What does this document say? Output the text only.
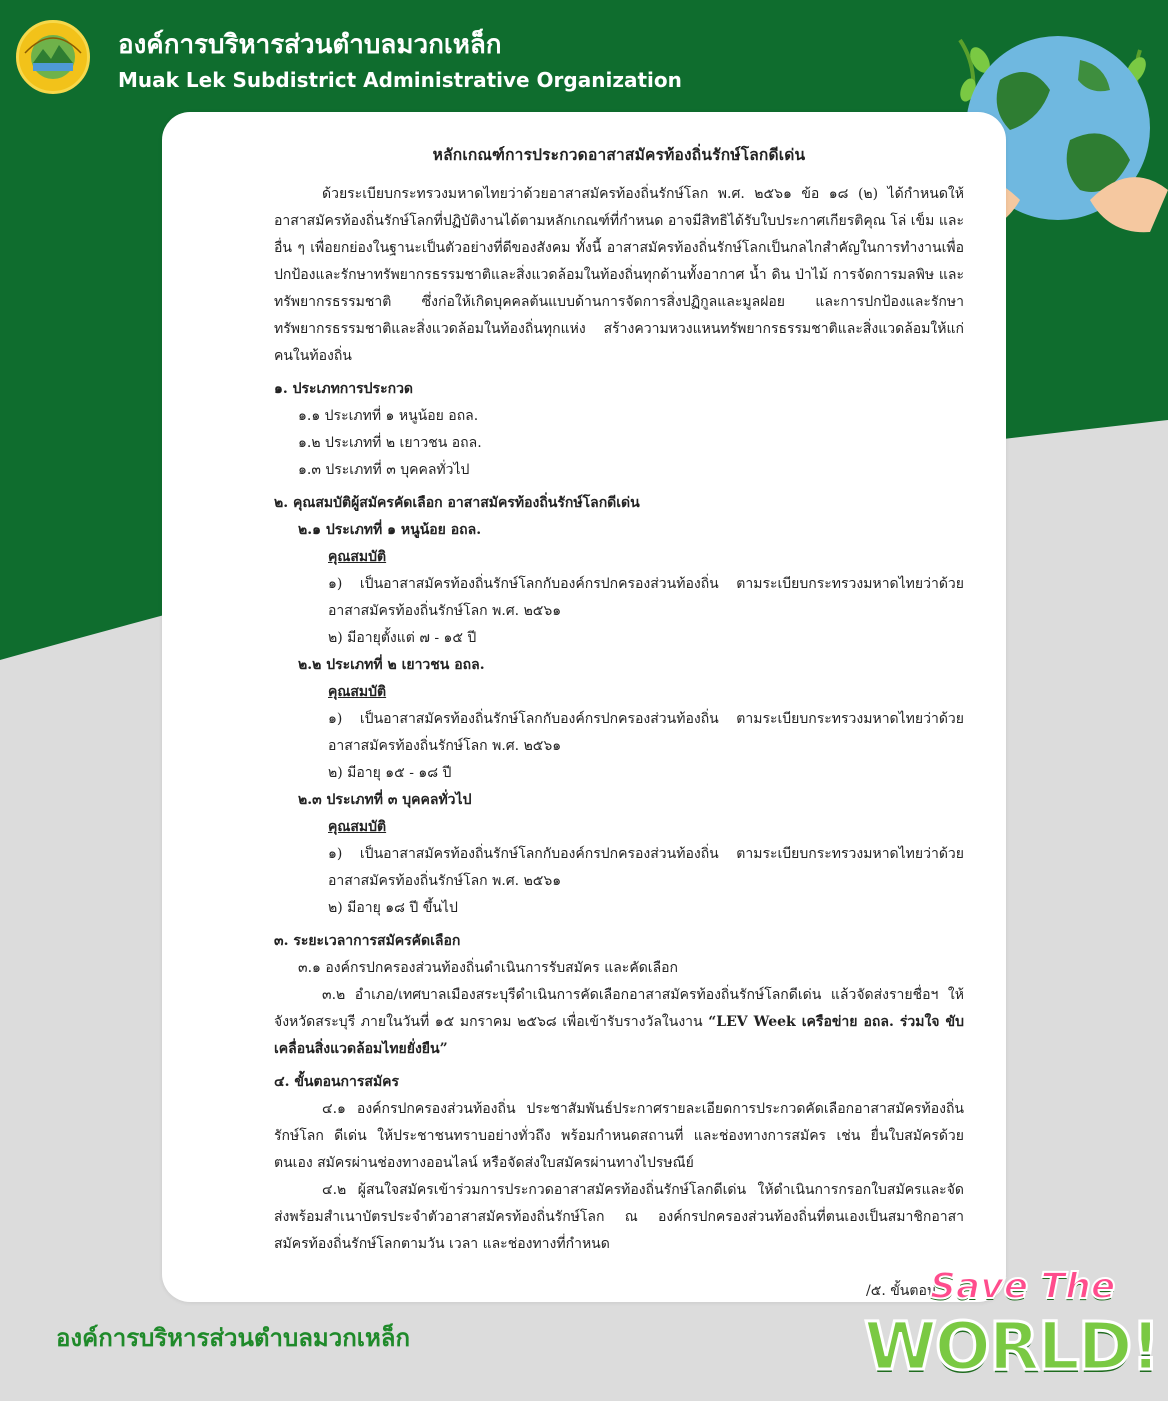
องค์การบริหารส่วนตำบลมวกเหล็ก
Muak Lek Subdistrict Administrative Organization

หลักเกณฑ์การประกวดอาสาสมัครท้องถิ่นรักษ์โลกดีเด่น

ด้วยระเบียบกระทรวงมหาดไทยว่าด้วยอาสาสมัครท้องถิ่นรักษ์โลก พ.ศ. ๒๕๖๑ ข้อ ๑๘ (๒) ได้กำหนดให้ อาสาสมัครท้องถิ่นรักษ์โลกที่ปฏิบัติงานได้ตามหลักเกณฑ์ที่กำหนด อาจมีสิทธิได้รับใบประกาศเกียรติคุณ โล่ เข็ม และอื่น ๆ เพื่อยกย่องในฐานะเป็นตัวอย่างที่ดีของสังคม ทั้งนี้ อาสาสมัครท้องถิ่นรักษ์โลกเป็นกลไกสำคัญในการทำงานเพื่อปกป้องและรักษาทรัพยากรธรรมชาติและสิ่งแวดล้อมในท้องถิ่นทุกด้านทั้งอากาศ น้ำ ดิน ป่าไม้ การจัดการมลพิษ และทรัพยากรธรรมชาติ ซึ่งก่อให้เกิดบุคคลต้นแบบด้านการจัดการสิ่งปฏิกูลและมูลฝอย และการปกป้องและรักษาทรัพยากรธรรมชาติและสิ่งแวดล้อมในท้องถิ่นทุกแห่ง สร้างความหวงแหนทรัพยากรธรรมชาติและสิ่งแวดล้อมให้แก่คนในท้องถิ่น

๑. ประเภทการประกวด

๑.๑ ประเภทที่ ๑ หนูน้อย อถล.

๑.๒ ประเภทที่ ๒ เยาวชน อถล.

๑.๓ ประเภทที่ ๓ บุคคลทั่วไป

๒. คุณสมบัติผู้สมัครคัดเลือก อาสาสมัครท้องถิ่นรักษ์โลกดีเด่น

๒.๑ ประเภทที่ ๑ หนูน้อย อถล.

คุณสมบัติ

๑) เป็นอาสาสมัครท้องถิ่นรักษ์โลกกับองค์กรปกครองส่วนท้องถิ่น ตามระเบียบกระทรวงมหาดไทยว่าด้วยอาสาสมัครท้องถิ่นรักษ์โลก พ.ศ. ๒๕๖๑

๒) มีอายุตั้งแต่ ๗ - ๑๕ ปี

๒.๒ ประเภทที่ ๒ เยาวชน อถล.

คุณสมบัติ

๑) เป็นอาสาสมัครท้องถิ่นรักษ์โลกกับองค์กรปกครองส่วนท้องถิ่น ตามระเบียบกระทรวงมหาดไทยว่าด้วยอาสาสมัครท้องถิ่นรักษ์โลก พ.ศ. ๒๕๖๑

๒) มีอายุ ๑๕ - ๑๘ ปี

๒.๓ ประเภทที่ ๓ บุคคลทั่วไป

คุณสมบัติ

๑) เป็นอาสาสมัครท้องถิ่นรักษ์โลกกับองค์กรปกครองส่วนท้องถิ่น ตามระเบียบกระทรวงมหาดไทยว่าด้วยอาสาสมัครท้องถิ่นรักษ์โลก พ.ศ. ๒๕๖๑

๒) มีอายุ ๑๘ ปี ขึ้นไป

๓. ระยะเวลาการสมัครคัดเลือก

๓.๑ องค์กรปกครองส่วนท้องถิ่นดำเนินการรับสมัคร และคัดเลือก

๓.๒ อำเภอ/เทศบาลเมืองสระบุรีดำเนินการคัดเลือกอาสาสมัครท้องถิ่นรักษ์โลกดีเด่น แล้วจัดส่งรายชื่อฯ ให้จังหวัดสระบุรี ภายในวันที่ ๑๕ มกราคม ๒๕๖๘ เพื่อเข้ารับรางวัลในงาน “LEV Week เครือข่าย อถล. ร่วมใจ ขับเคลื่อนสิ่งแวดล้อมไทยยั่งยืน”

๔. ขั้นตอนการสมัคร

๔.๑ องค์กรปกครองส่วนท้องถิ่น ประชาสัมพันธ์ประกาศรายละเอียดการประกวดคัดเลือกอาสาสมัครท้องถิ่นรักษ์โลก ดีเด่น ให้ประชาชนทราบอย่างทั่วถึง พร้อมกำหนดสถานที่ และช่องทางการสมัคร เช่น ยื่นใบสมัครด้วยตนเอง สมัครผ่านช่องทางออนไลน์ หรือจัดส่งใบสมัครผ่านทางไปรษณีย์

๔.๒ ผู้สนใจสมัครเข้าร่วมการประกวดอาสาสมัครท้องถิ่นรักษ์โลกดีเด่น ให้ดำเนินการกรอกใบสมัครและจัดส่งพร้อมสำเนาบัตรประจำตัวอาสาสมัครท้องถิ่นรักษ์โลก ณ องค์กรปกครองส่วนท้องถิ่นที่ตนเองเป็นสมาชิกอาสาสมัครท้องถิ่นรักษ์โลกตามวัน เวลา และช่องทางที่กำหนด

/๕. ขั้นตอน
องค์การบริหารส่วนตำบลมวกเหล็ก
Save The
WORLD!
